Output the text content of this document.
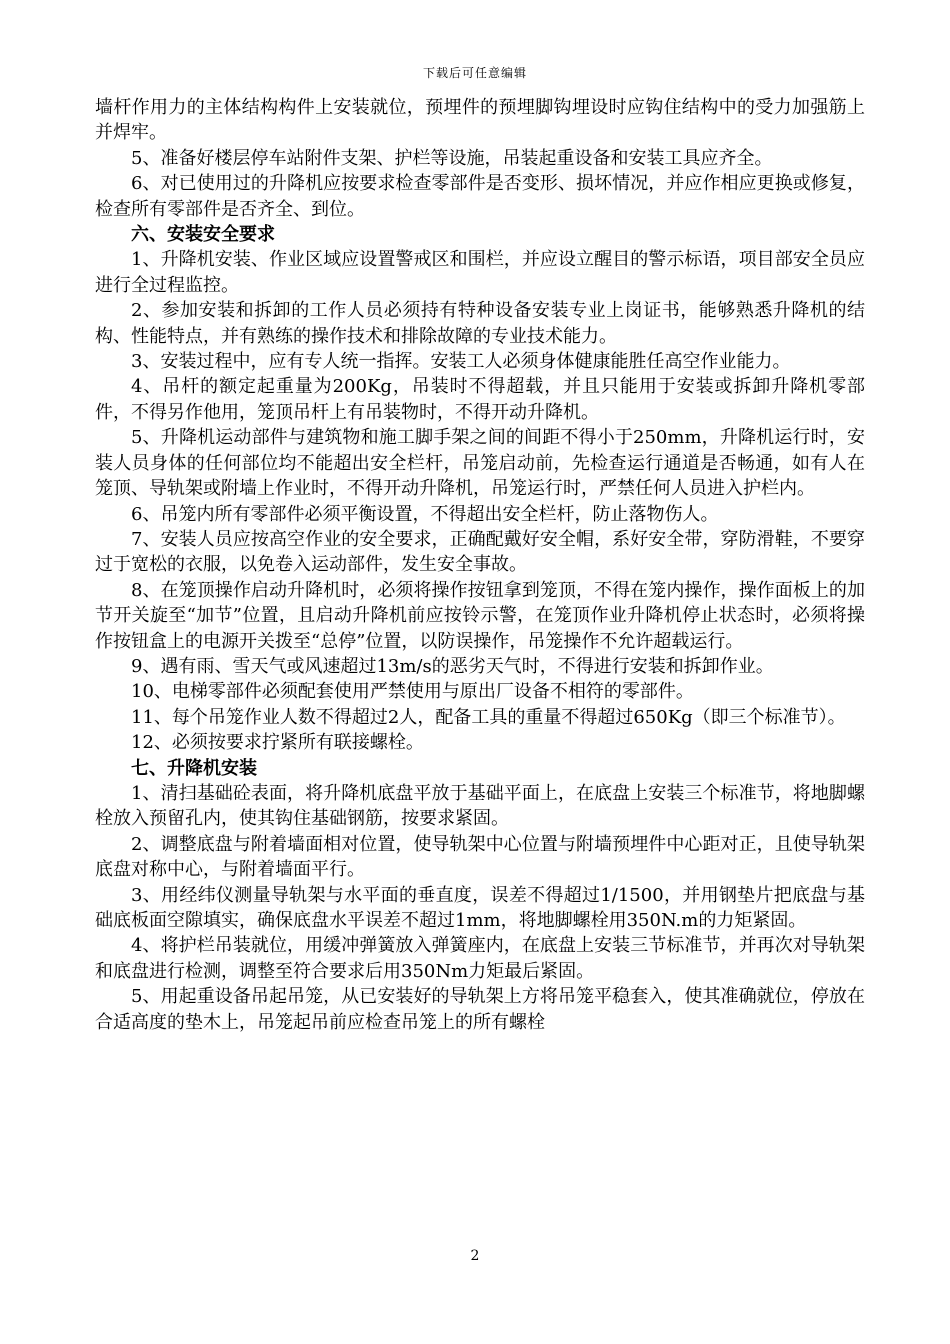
下载后可任意编辑

墙杆作用力的主体结构构件上安装就位，预埋件的预埋脚钩埋设时应钩住结构中的受力加强筋上并焊牢。

5、准备好楼层停车站附件支架、护栏等设施，吊装起重设备和安装工具应齐全。

6、对已使用过的升降机应按要求检查零部件是否变形、损坏情况，并应作相应更换或修复，检查所有零部件是否齐全、到位。

六、安装安全要求

1、升降机安装、作业区域应设置警戒区和围栏，并应设立醒目的警示标语，项目部安全员应进行全过程监控。

2、参加安装和拆卸的工作人员必须持有特种设备安装专业上岗证书，能够熟悉升降机的结构、性能特点，并有熟练的操作技术和排除故障的专业技术能力。

3、安装过程中，应有专人统一指挥。安装工人必须身体健康能胜任高空作业能力。

4、吊杆的额定起重量为200Kg，吊装时不得超载，并且只能用于安装或拆卸升降机零部件，不得另作他用，笼顶吊杆上有吊装物时，不得开动升降机。

5、升降机运动部件与建筑物和施工脚手架之间的间距不得小于250mm，升降机运行时，安装人员身体的任何部位均不能超出安全栏杆，吊笼启动前，先检查运行通道是否畅通，如有人在笼顶、导轨架或附墙上作业时，不得开动升降机，吊笼运行时，严禁任何人员进入护栏内。

6、吊笼内所有零部件必须平衡设置，不得超出安全栏杆，防止落物伤人。

7、安装人员应按高空作业的安全要求，正确配戴好安全帽，系好安全带，穿防滑鞋，不要穿过于宽松的衣服，以免卷入运动部件，发生安全事故。

8、在笼顶操作启动升降机时，必须将操作按钮拿到笼顶，不得在笼内操作，操作面板上的加节开关旋至“加节”位置，且启动升降机前应按铃示警，在笼顶作业升降机停止状态时，必须将操作按钮盒上的电源开关拨至“总停”位置，以防误操作，吊笼操作不允许超载运行。

9、遇有雨、雪天气或风速超过13m/s的恶劣天气时，不得进行安装和拆卸作业。

10、电梯零部件必须配套使用严禁使用与原出厂设备不相符的零部件。

11、每个吊笼作业人数不得超过2人，配备工具的重量不得超过650Kg（即三个标准节）。

12、必须按要求拧紧所有联接螺栓。

七、升降机安装

1、清扫基础砼表面，将升降机底盘平放于基础平面上，在底盘上安装三个标准节，将地脚螺栓放入预留孔内，使其钩住基础钢筋，按要求紧固。

2、调整底盘与附着墙面相对位置，使导轨架中心位置与附墙预埋件中心距对正，且使导轨架底盘对称中心，与附着墙面平行。

3、用经纬仪测量导轨架与水平面的垂直度，误差不得超过1/1500，并用钢垫片把底盘与基础底板面空隙填实，确保底盘水平误差不超过1mm，将地脚螺栓用350N.m的力矩紧固。

4、将护栏吊装就位，用缓冲弹簧放入弹簧座内，在底盘上安装三节标准节，并再次对导轨架和底盘进行检测，调整至符合要求后用350Nm力矩最后紧固。

5、用起重设备吊起吊笼，从已安装好的导轨架上方将吊笼平稳套入，使其准确就位，停放在合适高度的垫木上，吊笼起吊前应检查吊笼上的所有螺栓

2
